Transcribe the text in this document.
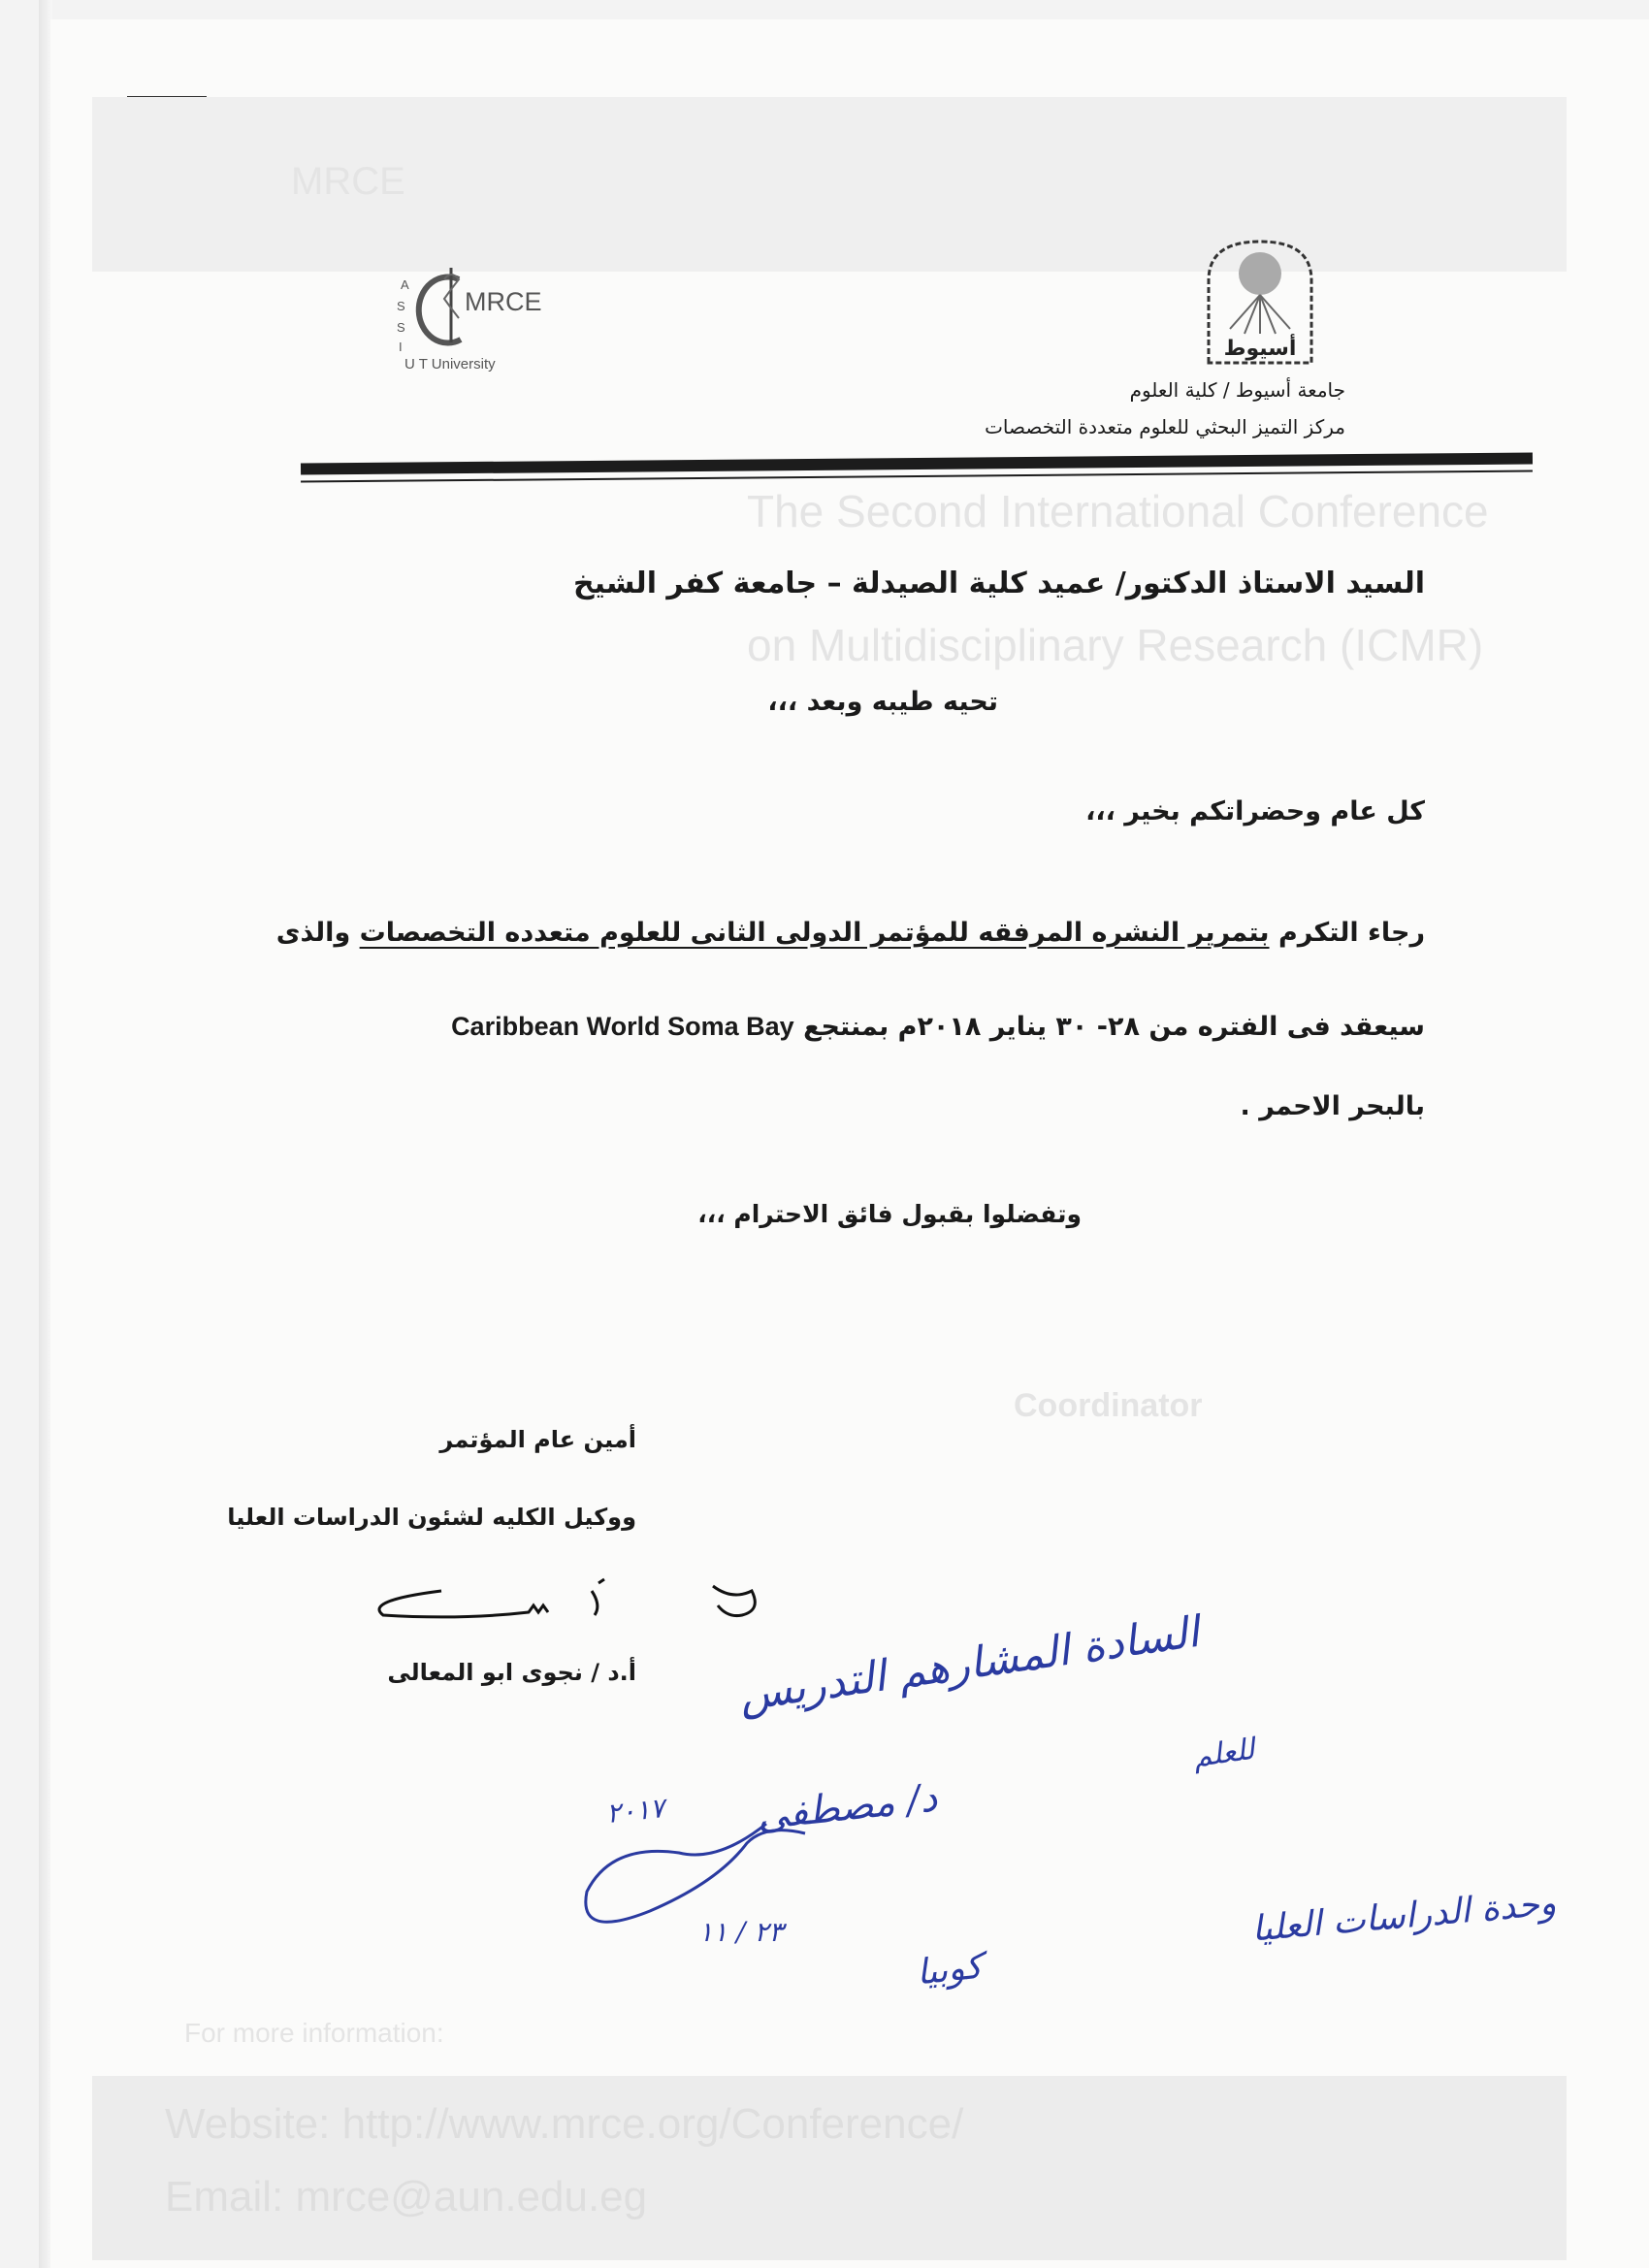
MRCE
The Second International Conference
on Multidisciplinary Research (ICMR)
Coordinator
For more information:
Website: http://www.mrce.org/Conference/
Email: mrce@aun.edu.eg
A
S
S
I
MRCE
U T University
أسيوط
جامعة أسيوط / كلية العلوم
مركز التميز البحثي للعلوم متعددة التخصصات
السيد الاستاذ الدكتور/ عميد كلية الصيدلة – جامعة كفر الشيخ
تحيه طيبه وبعد ،،،
كل عام وحضراتكم بخير ،،،
رجاء التكرم بتمرير النشره المرفقه للمؤتمر الدولى الثانى للعلوم متعدده التخصصات والذى
سيعقد فى الفتره من ٢٨- ٣٠ يناير ٢٠١٨م بمنتجع Caribbean World Soma Bay
بالبحر الاحمر .
وتفضلوا بقبول فائق الاحترام ،،،
أمين عام المؤتمر
ووكيل الكليه لشئون الدراسات العليا
أ.د / نجوى ابو المعالى السادة المشارهم التدريس
للعلم
د/ مصطفى
٢٠١٧
وحدة الدراسات العليا
كوبيا
٢٣ / ١١
